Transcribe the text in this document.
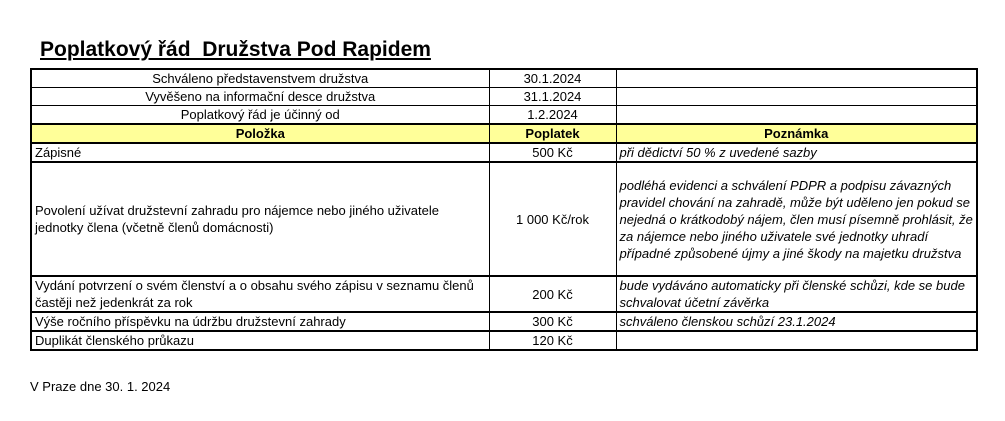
Poplatkový řád  Družstva Pod Rapidem
Schváleno představenstvem družstva	30.1.2024	
Vyvěšeno na informační desce družstva	31.1.2024	
Poplatkový řád je účinný od	1.2.2024	
Položka	Poplatek	Poznámka
Zápisné	500 Kč	při dědictví 50 % z uvedené sazby
Povolení užívat družstevní zahradu pro nájemce nebo jiného uživatele jednotky člena (včetně členů domácnosti)	1 000 Kč/rok	podléhá evidenci a schválení PDPR a podpisu závazných pravidel chování na zahradě, může být uděleno jen pokud se nejedná o krátkodobý nájem, člen musí písemně prohlásit, že za nájemce nebo jiného uživatele své jednotky uhradí případné způsobené újmy a jiné škody na majetku družstva
Vydání potvrzení o svém členství a o obsahu svého zápisu v seznamu členů častěji než jedenkrát za rok	200 Kč	bude vydáváno automaticky při členské schůzi, kde se bude schvalovat účetní závěrka
Výše ročního příspěvku na údržbu družstevní zahrady	300 Kč	schváleno členskou schůzí 23.1.2024
Duplikát členského průkazu	120 Kč	
V Praze dne 30. 1. 2024
